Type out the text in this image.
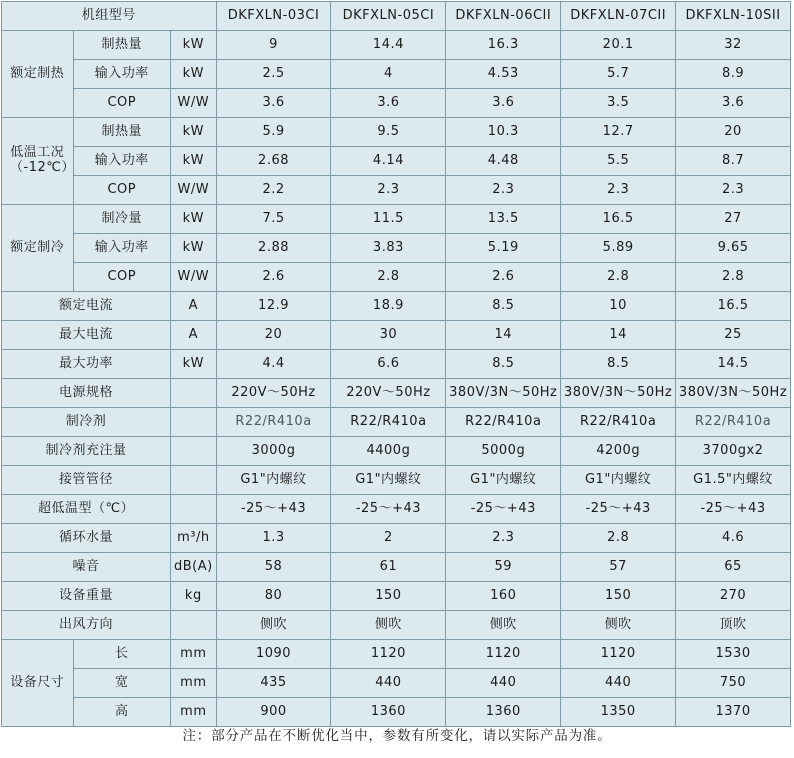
机组型号			DKFXLN-03CI	DKFXLN-05CI	DKFXLN-06CII	DKFXLN-07CII	DKFXLN-10SII
额定制热	制热量	kW	9	14.4	16.3	20.1	32
	输入功率	kW	2.5	4	4.53	5.7	8.9
	COP	W/W	3.6	3.6	3.6	3.5	3.6

低温工况
（-12℃）	制热量	kW	5.9	9.5	10.3	12.7	20
	输入功率	kW	2.68	4.14	4.48	5.5	8.7
	COP	W/W	2.2	2.3	2.3	2.3	2.3
额定制冷	制冷量	kW	7.5	11.5	13.5	16.5	27
	输入功率	kW	2.88	3.83	5.19	5.89	9.65
	COP	W/W	2.6	2.8	2.6	2.8	2.8
额定电流		A	12.9	18.9	8.5	10	16.5
最大电流		A	20	30	14	14	25
最大功率		kW	4.4	6.6	8.5	8.5	14.5
电源规格			220V～50Hz	220V～50Hz	380V/3N～50Hz	380V/3N～50Hz	380V/3N～50Hz
制冷剂			R22/R410a	R22/R410a	R22/R410a	R22/R410a	R22/R410a
制冷剂充注量			3000g	4400g	5000g	4200g	3700gx2
接管管径			G1"内螺纹	G1"内螺纹	G1"内螺纹	G1"内螺纹	G1.5"内螺纹
超低温型（℃）			-25～+43	-25～+43	-25～+43	-25～+43	-25～+43
循环水量		m³/h	1.3	2	2.3	2.8	4.6
噪音		dB(A)	58	61	59	57	65
设备重量		kg	80	150	160	150	270
出风方向			侧吹	侧吹	侧吹	侧吹	顶吹
设备尺寸	长	mm	1090	1120	1120	1120	1530
	宽	mm	435	440	440	440	750
	高	mm	900	1360	1360	1350	1370
注：部分产品在不断优化当中，参数有所变化，请以实际产品为准。
